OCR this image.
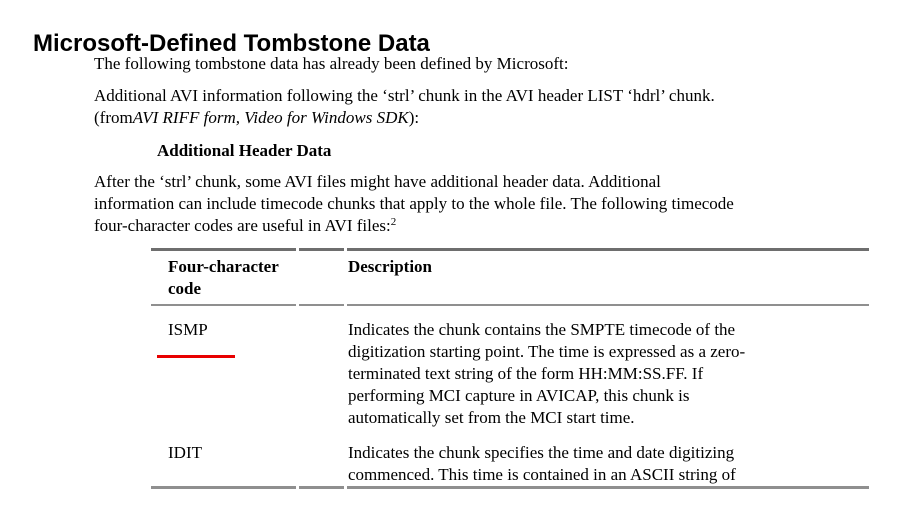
Microsoft-Defined Tombstone Data
The following tombstone data has already been defined by Microsoft:
Additional AVI information following the ‘strl’ chunk in the AVI header LIST ‘hdrl’ chunk.
(fromAVI RIFF form, Video for Windows SDK):
Additional Header Data
After the ‘strl’ chunk, some AVI files might have additional header data. Additional
information can include timecode chunks that apply to the whole file. The following timecode
four-character codes are useful in AVI files:$^2$
Four-character
code		Description

ISMP		Indicates the chunk contains the SMPTE timecode of the
digitization starting point. The time is expressed as a zero-
terminated text string of the form HH:MM:SS.FF. If
performing MCI capture in AVICAP, this chunk is
automatically set from the MCI start time.

IDIT		Indicates the chunk specifies the time and date digitizing
commenced. This time is contained in an ASCII string of
